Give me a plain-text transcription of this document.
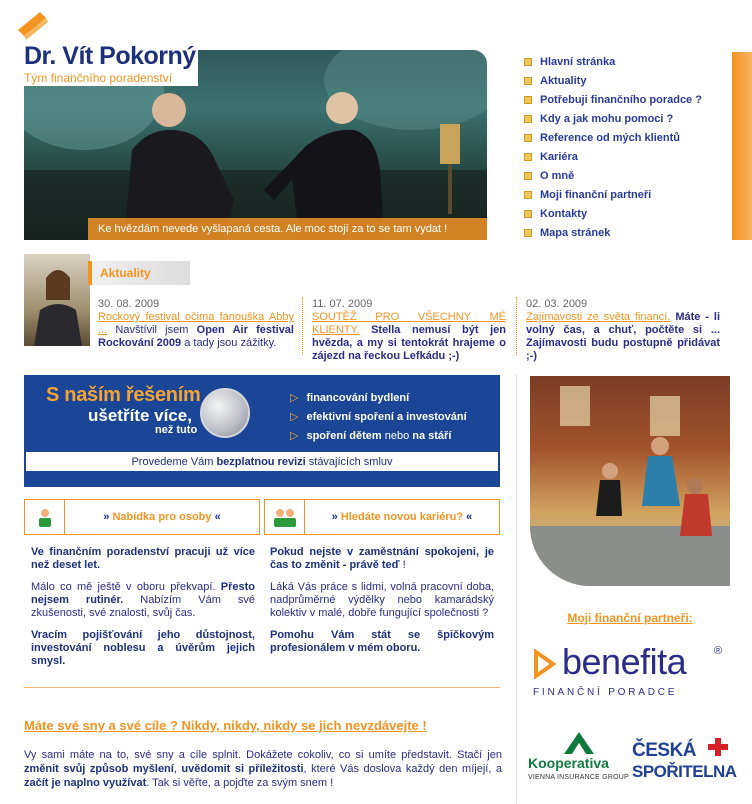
Ke hvězdám nevede vyšlapaná cesta. Ale moc stojí za to se tam vydat !
Dr. Vít Pokorný
Tým finančního poradenství
Hlavní stránka
Aktuality
Potřebuji finančního poradce ?
Kdy a jak mohu pomoci ?
Reference od mých klientů
Kariéra
O mně
Moji finanční partneři
Kontakty
Mapa stránek
Aktuality
30. 08. 2009
Rockový festival očima fanouška Abby ... Navštívil jsem Open Air festival Rockování 2009 a tady jsou zážitky.
11. 07. 2009
SOUTĚŽ PRO VŠECHNY MÉ KLIENTY. Stella nemusí být jen hvězda, a my si tentokrát hrajeme o zájezd na řeckou Lefkádu ;-)
02. 03. 2009
Zajímavosti ze světa financí. Máte - li volný čas, a chuť, počtěte si ... Zajímavosti budu postupně přidávat ;-)
S naším řešením
ušetříte více,
než tuto
▷ financování bydlení
▷ efektivní spoření a investování
▷ spoření dětem nebo na stáří
Provedeme Vám bezplatnou revizi stávajících smluv
» Nabídka pro osoby «	» Hledáte novou kariéru? «

Ve finančním poradenství pracuji už více než deset let.

Málo co mě ještě v oboru překvapí. Přesto nejsem rutinér. Nabízím Vám své zkušenosti, své znalosti, svůj čas.

Vracím pojišťování jeho důstojnost, investování noblesu a úvěrům jejich smysl.

Pokud nejste v zaměstnání spokojeni, je čas to změnit - právě teď !

Láká Vás práce s lidmi, volná pracovní doba, nadprůměrné výdělky nebo kamarádský kolektiv v malé, dobře fungující společnosti ?

Pomohu Vám stát se špičkovým profesionálem v mém oboru.

Máte své sny a své cíle ? Nikdy, nikdy, nikdy se jich nevzdávejte !
Vy sami máte na to, své sny a cíle splnit. Dokážete cokoliv, co si umíte představit. Stačí jen změnit svůj způsob myšlení, uvědomit si příležitosti, které Vás doslova každý den míjejí, a začít je naplno využívat. Tak si věřte, a pojďte za svým snem !
Moji finanční partneři:
benefita	®
FINANČNÍ PORADCE
Kooperativa
VIENNA INSURANCE GROUP
ČESKÁ
SPOŘITELNA
